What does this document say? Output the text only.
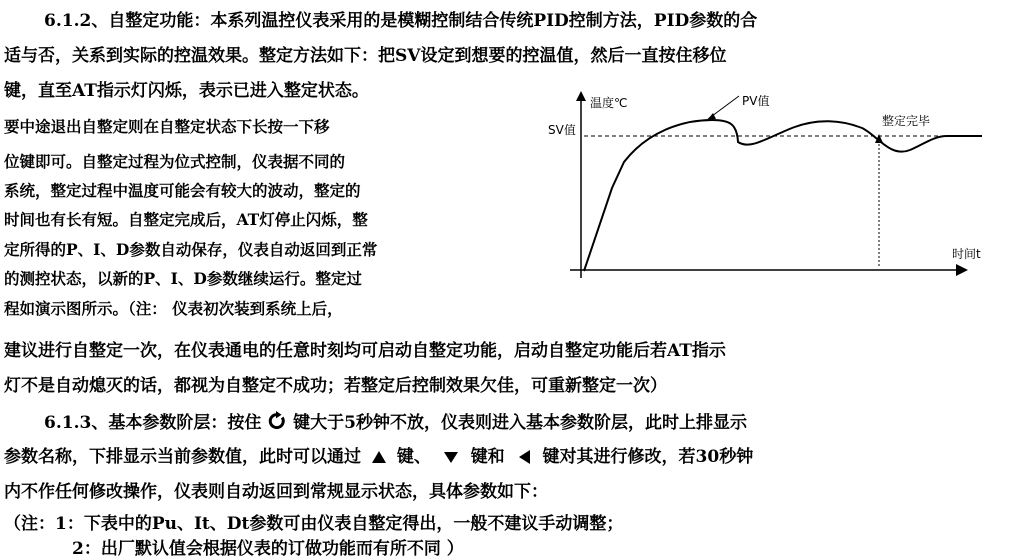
6.1.2、自整定功能：本系列温控仪表采用的是模糊控制结合传统PID控制方法，PID参数的合
适与否，关系到实际的控温效果。整定方法如下：把SV设定到想要的控温值，然后一直按住移位
键，直至AT指示灯闪烁，表示已进入整定状态。
要中途退出自整定则在自整定状态下长按一下移
位键即可。自整定过程为位式控制，仪表据不同的
系统，整定过程中温度可能会有较大的波动，整定的
时间也有长有短。自整定完成后，AT灯停止闪烁，整
定所得的P、I、D参数自动保存，仪表自动返回到正常
的测控状态，以新的P、I、D参数继续运行。整定过
程如演示图所示。（注： 仪表初次装到系统上后，
建议进行自整定一次，在仪表通电的任意时刻均可启动自整定功能，启动自整定功能后若AT指示
灯不是自动熄灭的话，都视为自整定不成功；若整定后控制效果欠佳，可重新整定一次）
6.1.3、基本参数阶层：按住 键大于5秒钟不放，仪表则进入基本参数阶层，此时上排显示
参数名称，下排显示当前参数值，此时可以通过 键、 键和 键对其进行修改，若30秒钟
内不作任何修改操作，仪表则自动返回到常规显示状态，具体参数如下：
（注：1：下表中的Pu、It、Dt参数可由仪表自整定得出，一般不建议手动调整；
2：出厂默认值会根据仪表的订做功能而有所不同 ）
温度℃
SV值
PV值
整定完毕
时间t
